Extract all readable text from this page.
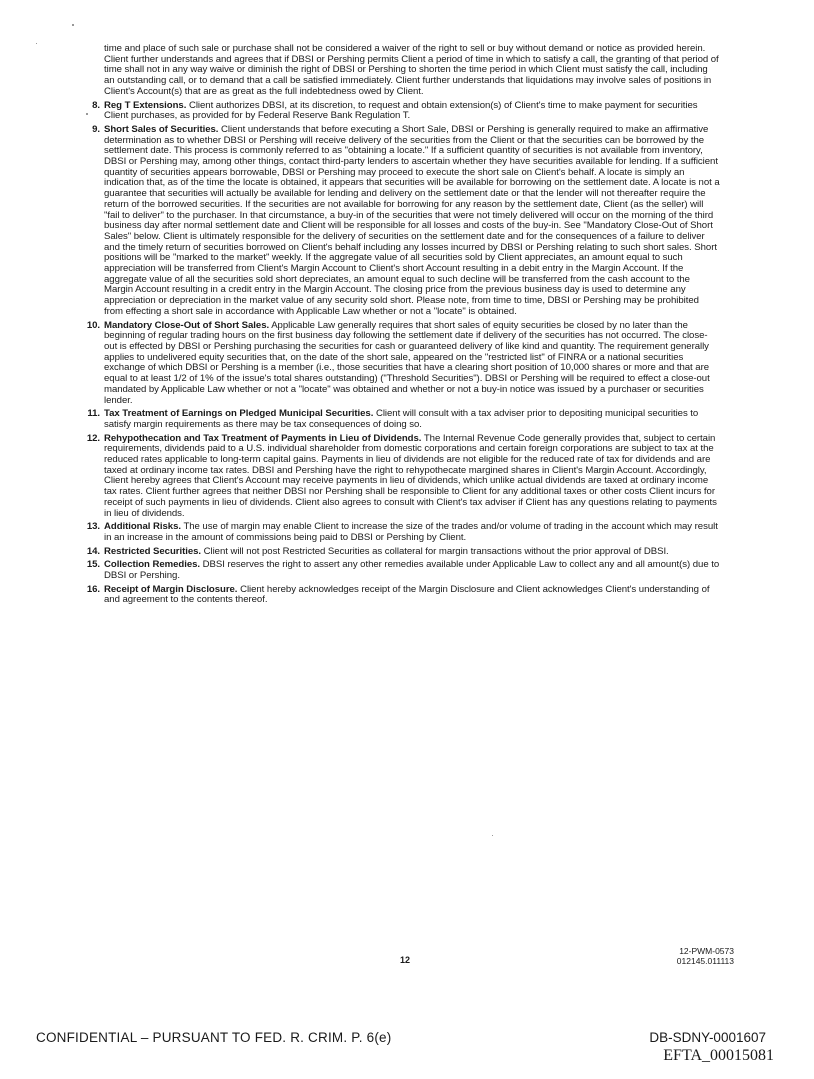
time and place of such sale or purchase shall not be considered a waiver of the right to sell or buy without demand or notice as provided herein. Client further understands and agrees that if DBSI or Pershing permits Client a period of time in which to satisfy a call, the granting of that period of time shall not in any way waive or diminish the right of DBSI or Pershing to shorten the time period in which Client must satisfy the call, including an outstanding call, or to demand that a call be satisfied immediately. Client further understands that liquidations may involve sales of positions in Client's Account(s) that are as great as the full indebtedness owed by Client.

8. Reg T Extensions. Client authorizes DBSI, at its discretion, to request and obtain extension(s) of Client's time to make payment for securities Client purchases, as provided for by Federal Reserve Bank Regulation T.
9. Short Sales of Securities. Client understands that before executing a Short Sale, DBSI or Pershing is generally required to make an affirmative determination as to whether DBSI or Pershing will receive delivery of the securities from the Client or that the securities can be borrowed by the settlement date. This process is commonly referred to as "obtaining a locate." If a sufficient quantity of securities is not available from inventory, DBSI or Pershing may, among other things, contact third-party lenders to ascertain whether they have securities available for lending. If a sufficient quantity of securities appears borrowable, DBSI or Pershing may proceed to execute the short sale on Client's behalf. A locate is simply an indication that, as of the time the locate is obtained, it appears that securities will be available for borrowing on the settlement date. A locate is not a guarantee that securities will actually be available for lending and delivery on the settlement date or that the lender will not thereafter require the return of the borrowed securities. If the securities are not available for borrowing for any reason by the settlement date, Client (as the seller) will "fail to deliver" to the purchaser. In that circumstance, a buy-in of the securities that were not timely delivered will occur on the morning of the third business day after normal settlement date and Client will be responsible for all losses and costs of the buy-in. See "Mandatory Close-Out of Short Sales" below. Client is ultimately responsible for the delivery of securities on the settlement date and for the consequences of a failure to deliver and the timely return of securities borrowed on Client's behalf including any losses incurred by DBSI or Pershing relating to such short sales. Short positions will be "marked to the market" weekly. If the aggregate value of all securities sold by Client appreciates, an amount equal to such appreciation will be transferred from Client's Margin Account to Client's short Account resulting in a debit entry in the Margin Account. If the aggregate value of all the securities sold short depreciates, an amount equal to such decline will be transferred from the cash account to the Margin Account resulting in a credit entry in the Margin Account. The closing price from the previous business day is used to determine any appreciation or depreciation in the market value of any security sold short. Please note, from time to time, DBSI or Pershing may be prohibited from effecting a short sale in accordance with Applicable Law whether or not a "locate" is obtained.
10. Mandatory Close-Out of Short Sales. Applicable Law generally requires that short sales of equity securities be closed by no later than the beginning of regular trading hours on the first business day following the settlement date if delivery of the securities has not occurred. The close-out is effected by DBSI or Pershing purchasing the securities for cash or guaranteed delivery of like kind and quantity. The requirement generally applies to undelivered equity securities that, on the date of the short sale, appeared on the "restricted list" of FINRA or a national securities exchange of which DBSI or Pershing is a member (i.e., those securities that have a clearing short position of 10,000 shares or more and that are equal to at least 1/2 of 1% of the issue's total shares outstanding) ("Threshold Securities"). DBSI or Pershing will be required to effect a close-out mandated by Applicable Law whether or not a "locate" was obtained and whether or not a buy-in notice was issued by a purchaser or securities lender.
11. Tax Treatment of Earnings on Pledged Municipal Securities. Client will consult with a tax adviser prior to depositing municipal securities to satisfy margin requirements as there may be tax consequences of doing so.
12. Rehypothecation and Tax Treatment of Payments in Lieu of Dividends. The Internal Revenue Code generally provides that, subject to certain requirements, dividends paid to a U.S. individual shareholder from domestic corporations and certain foreign corporations are subject to tax at the reduced rates applicable to long-term capital gains. Payments in lieu of dividends are not eligible for the reduced rate of tax for dividends and are taxed at ordinary income tax rates. DBSI and Pershing have the right to rehypothecate margined shares in Client's Margin Account. Accordingly, Client hereby agrees that Client's Account may receive payments in lieu of dividends, which unlike actual dividends are taxed at ordinary income tax rates. Client further agrees that neither DBSI nor Pershing shall be responsible to Client for any additional taxes or other costs Client incurs for receipt of such payments in lieu of dividends. Client also agrees to consult with Client's tax adviser if Client has any questions relating to payments in lieu of dividends.
13. Additional Risks. The use of margin may enable Client to increase the size of the trades and/or volume of trading in the account which may result in an increase in the amount of commissions being paid to DBSI or Pershing by Client.
14. Restricted Securities. Client will not post Restricted Securities as collateral for margin transactions without the prior approval of DBSI.
15. Collection Remedies. DBSI reserves the right to assert any other remedies available under Applicable Law to collect any and all amount(s) due to DBSI or Pershing.
16. Receipt of Margin Disclosure. Client hereby acknowledges receipt of the Margin Disclosure and Client acknowledges Client's understanding of and agreement to the contents thereof.
12
12-PWM-0573
012145.011113
CONFIDENTIAL – PURSUANT TO FED. R. CRIM. P. 6(e)	DB-SDNY-0001607
EFTA_00015081
